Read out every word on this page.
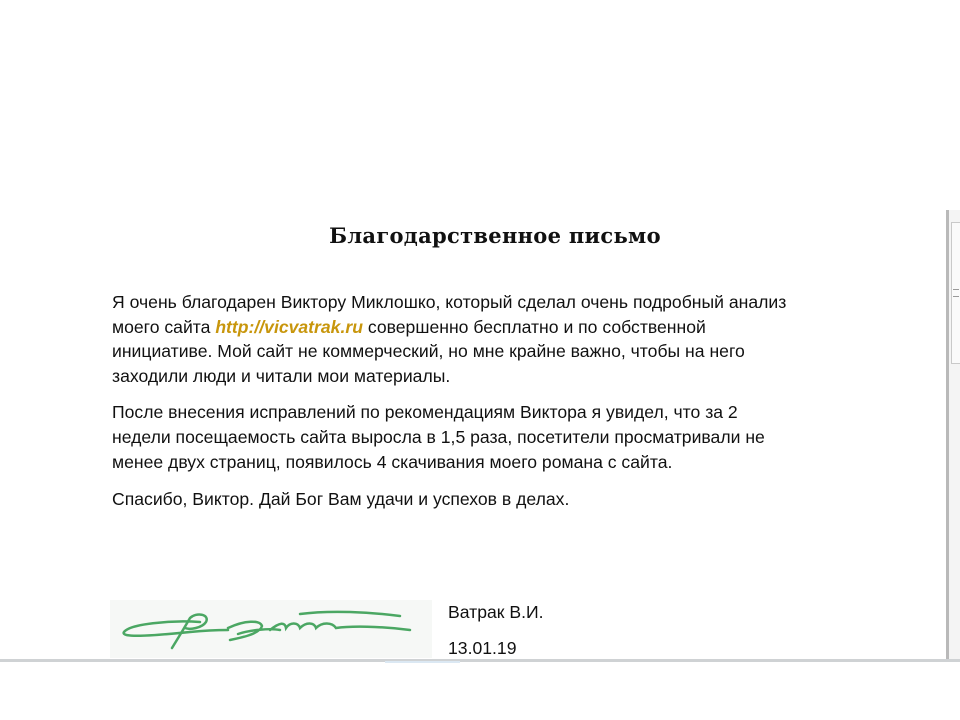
Благодарственное письмо
Я очень благодарен Виктору Миклошко, который сделал очень подробный анализ
моего сайта http://vicvatrak.ru совершенно бесплатно и по собственной
инициативе. Мой сайт не коммерческий, но мне крайне важно, чтобы на него
заходили люди и читали мои материалы.
После внесения исправлений по рекомендациям Виктора я увидел, что за 2
недели посещаемость сайта выросла в 1,5 раза, посетители просматривали не
менее двух страниц, появилось 4 скачивания моего романа с сайта.
Спасибо, Виктор. Дай Бог Вам удачи и успехов в делах.
Ватрак В.И.
13.01.19
